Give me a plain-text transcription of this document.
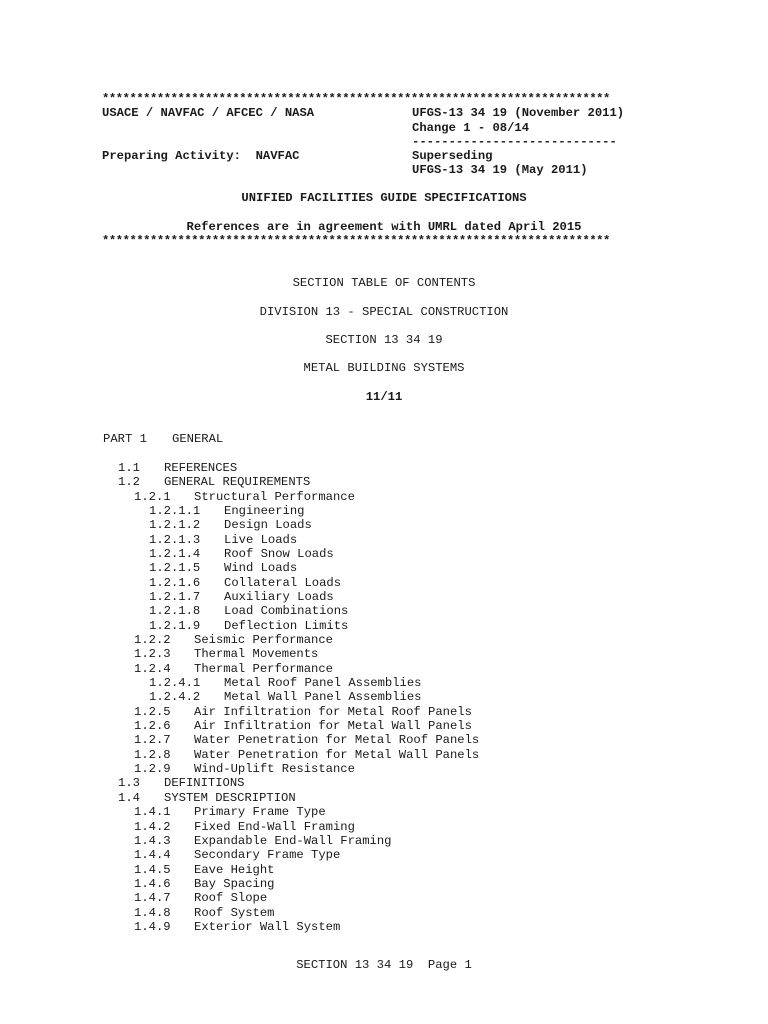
**************************************************************************
USACE / NAVFAC / AFCEC / NASA	UFGS-13 34 19 (November 2011)
Change 1 - 08/14
----------------------------
Preparing Activity:  NAVFAC	Superseding
UFGS-13 34 19 (May 2011)
UNIFIED FACILITIES GUIDE SPECIFICATIONS
References are in agreement with UMRL dated April 2015
**************************************************************************
SECTION TABLE OF CONTENTS
DIVISION 13 - SPECIAL CONSTRUCTION
SECTION 13 34 19
METAL BUILDING SYSTEMS
11/11
PART 1 GENERAL
1.1 REFERENCES
1.2 GENERAL REQUIREMENTS
1.2.1 Structural Performance
1.2.1.1 Engineering
1.2.1.2 Design Loads
1.2.1.3 Live Loads
1.2.1.4 Roof Snow Loads
1.2.1.5 Wind Loads
1.2.1.6 Collateral Loads
1.2.1.7 Auxiliary Loads
1.2.1.8 Load Combinations
1.2.1.9 Deflection Limits
1.2.2 Seismic Performance
1.2.3 Thermal Movements
1.2.4 Thermal Performance
1.2.4.1 Metal Roof Panel Assemblies
1.2.4.2 Metal Wall Panel Assemblies
1.2.5 Air Infiltration for Metal Roof Panels
1.2.6 Air Infiltration for Metal Wall Panels
1.2.7 Water Penetration for Metal Roof Panels
1.2.8 Water Penetration for Metal Wall Panels
1.2.9 Wind-Uplift Resistance
1.3 DEFINITIONS
1.4 SYSTEM DESCRIPTION
1.4.1 Primary Frame Type
1.4.2 Fixed End-Wall Framing
1.4.3 Expandable End-Wall Framing
1.4.4 Secondary Frame Type
1.4.5 Eave Height
1.4.6 Bay Spacing
1.4.7 Roof Slope
1.4.8 Roof System
1.4.9 Exterior Wall System
SECTION 13 34 19  Page 1
